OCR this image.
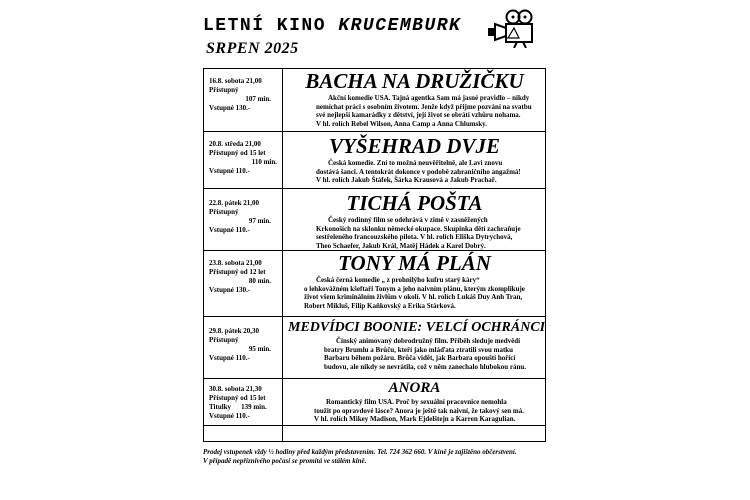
LETNÍ KINO KRUCEMBURK
SRPEN 2025
16.8. sobota 21,00
Přístupný
107 min.
Vstupné 130.-
BACHA NA DRUŽIČKU
Akční komedie USA. Tajná agentka Sam má jasné pravidlo – nikdy
nemíchat práci s osobním životem. Jenže když přijme pozvání na svatbu
své nejlepší kamarádky z dětství, její život se obrátí vzhůru nohama.
V hl. rolích Rebel Wilson, Anna Camp a Anna Chlumsky.
20.8. středa 21,00
Přístupný od 15 let
110 min.
Vstupné 110.-
VYŠEHRAD DVJE
Česká komedie. Zní to možná neuvěřitelně, ale Lavi znovu
dostává šanci. A tentokrát dokonce v podobě zahraničního angažmá!
V hl. rolích Jakub Štáfek, Šárka Krausová a Jakub Prachař.
22.8. pátek 21,00
Přístupný
97 min.
Vstupné 110.-
TICHÁ POŠTA
Český rodinný film se odehrává v zimě v zasněžených
Krkonoších na sklonku německé okupace. Skupinka dětí zachraňuje
sestřeleného francouzského pilota. V hl. rolích Eliška Dytrychová,
Theo Schaefer, Jakub Král, Matěj Hádek a Karel Dobrý.
23.8. sobota 21,00
Přístupný od 12 let
80 min.
Vstupné 130.-
TONY MÁ PLÁN
Česká černá komedie „ z prohnilýho kufru starý káry“
o lehkovážném kšeftaři Tonym a jeho naivním plánu, kterým zkomplikuje
život všem kriminálním živlům v okolí. V hl. rolích Lukáš Duy Anh Tran,
Robert Mikluš, Filip Kaňkovský a Erika Stárková.
29.8. pátek 20,30
Přístupný
95 min.
Vstupné 110.-
MEDVÍDCI BOONIE: VELCÍ OCHRÁNCI
Čínský animovaný dobrodružný film. Příběh sleduje medvědí
bratry Brumlu a Brůču, kteří jako mláďata ztratili svou matku
Barbaru během požáru. Brůča vidět, jak Barbara opouští hořící
budovu, ale nikdy se nevrátila, což v něm zanechalo hlubokou ránu.
30.8. sobota 21,30
Přístupný od 15 let
Titulky 139 min.
Vstupné 110.-
ANORA
Romantický film USA. Proč by sexuální pracovnice nemohla
toužit po opravdové lásce? Anora je ještě tak naivní, že takový sen má.
V hl. rolích Mikey Madison, Mark Ejdelštejn a Karren Karagulian.
Prodej vstupenek vždy ½ hodiny před každým představením. Tel. 724 362 660. V kině je zajištěno občerstvení.
V případě nepříznivého počasí se promítá ve stálém kině.
